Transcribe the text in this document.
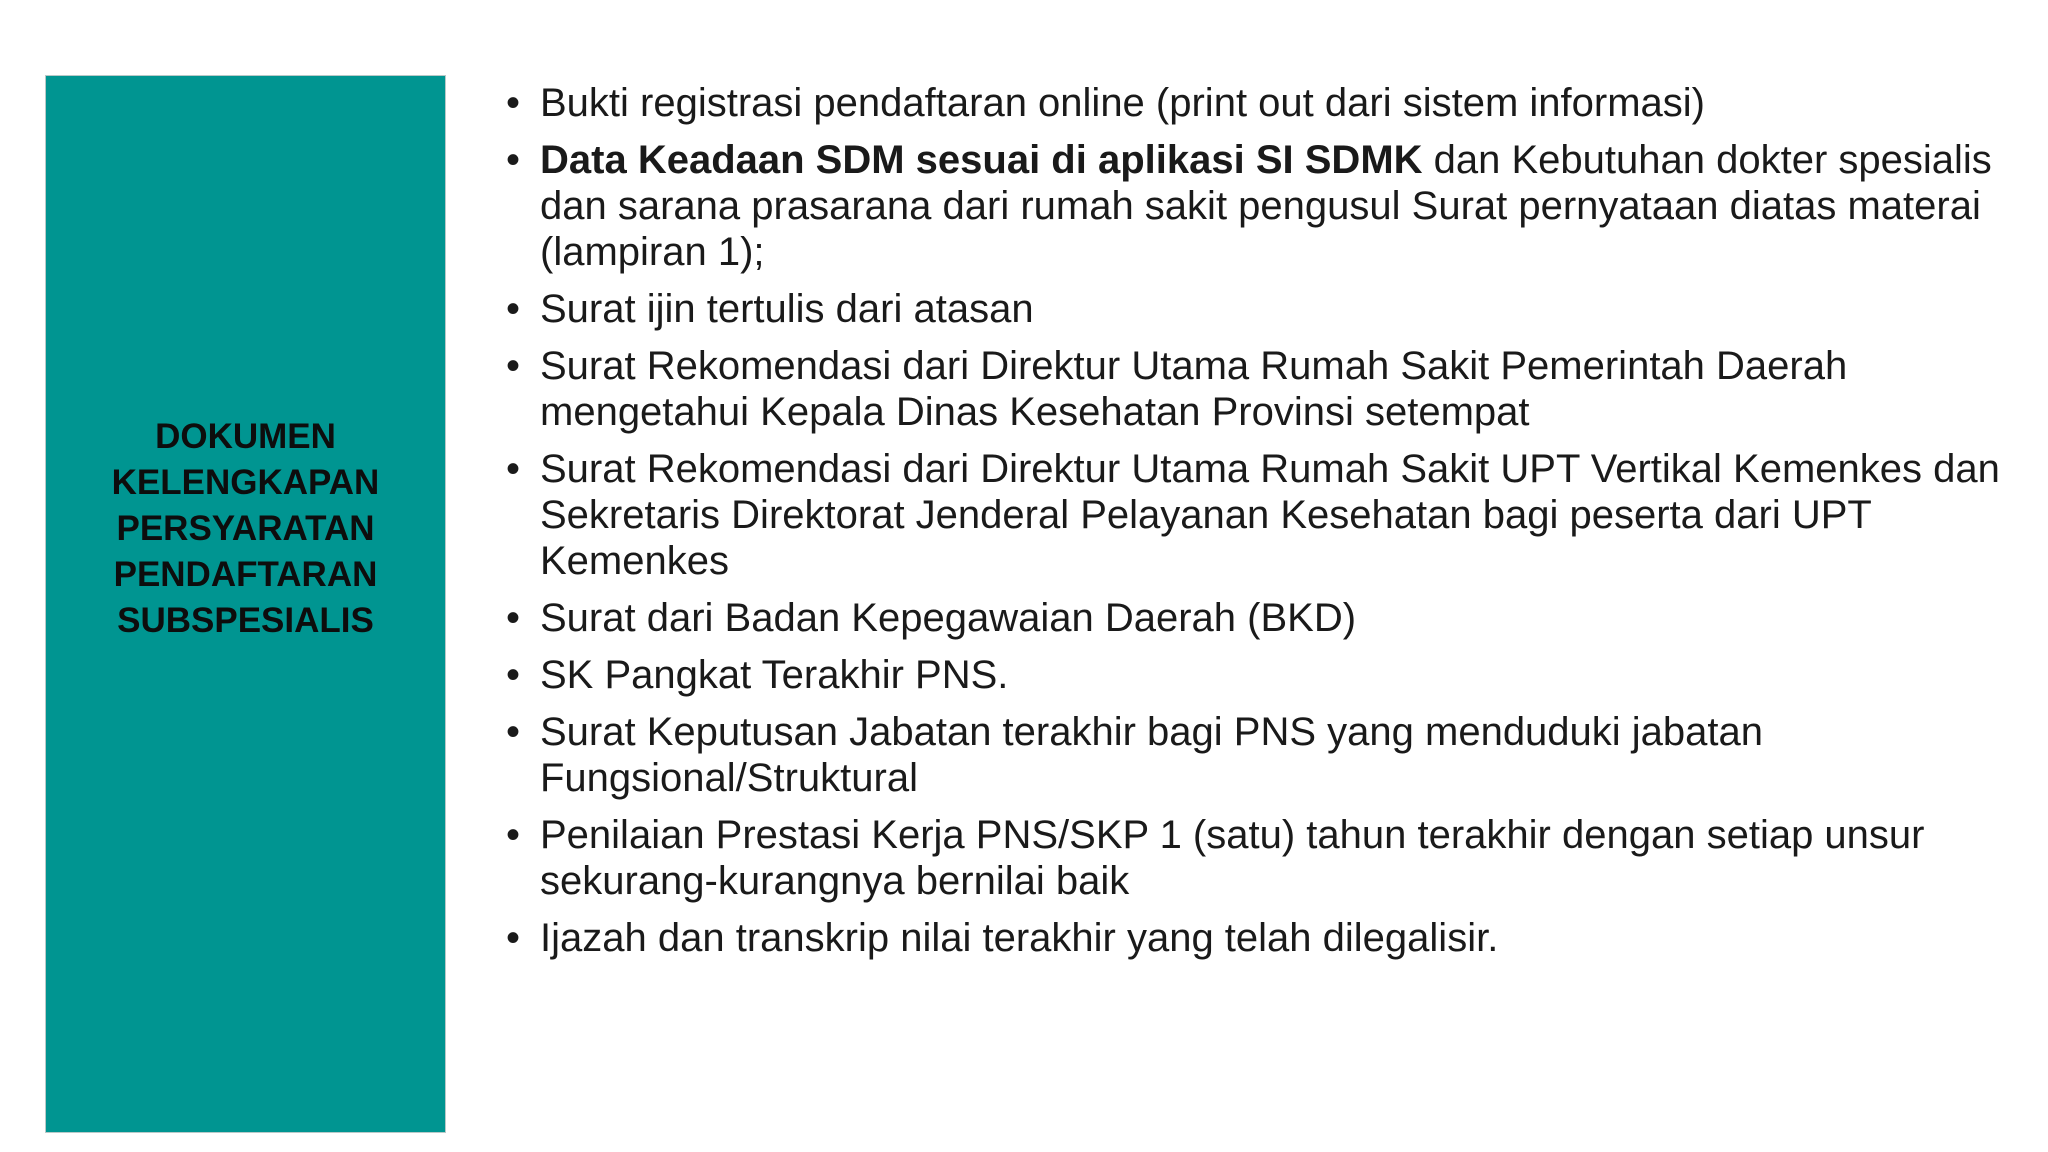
DOKUMEN
KELENGKAPAN
PERSYARATAN
PENDAFTARAN
SUBSPESIALIS
• Bukti registrasi pendaftaran online (print out dari sistem informasi)
• Data Keadaan SDM sesuai di aplikasi SI SDMK dan Kebutuhan dokter spesialis dan sarana prasarana dari rumah sakit pengusul Surat pernyataan diatas materai (lampiran 1);
• Surat ijin tertulis dari atasan
• Surat Rekomendasi dari Direktur Utama Rumah Sakit Pemerintah Daerah mengetahui Kepala Dinas Kesehatan Provinsi setempat
• Surat Rekomendasi dari Direktur Utama Rumah Sakit UPT Vertikal Kemenkes dan Sekretaris Direktorat Jenderal Pelayanan Kesehatan bagi peserta dari UPT Kemenkes
• Surat dari Badan Kepegawaian Daerah (BKD)
• SK Pangkat Terakhir PNS.
• Surat Keputusan Jabatan terakhir bagi PNS yang menduduki jabatan Fungsional/Struktural
• Penilaian Prestasi Kerja PNS/SKP 1 (satu) tahun terakhir dengan setiap unsur sekurang-kurangnya bernilai baik
• Ijazah dan transkrip nilai terakhir yang telah dilegalisir.
